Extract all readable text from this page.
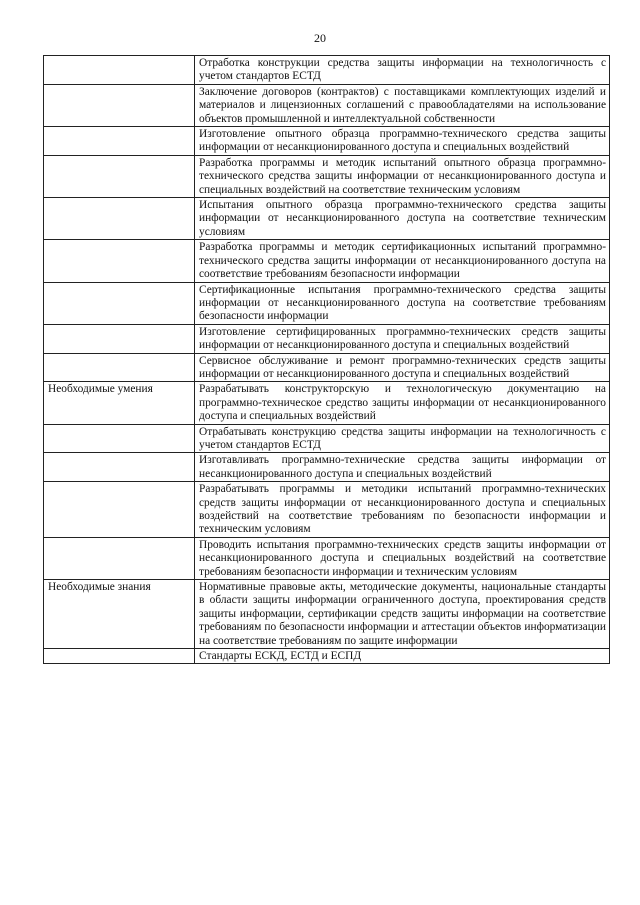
20
	Отработка конструкции средства защиты информации на технологичность с учетом стандартов ЕСТД
	Заключение договоров (контрактов) с поставщиками комплектующих изделий и материалов и лицензионных соглашений с правообладателями на использование объектов промышленной и интеллектуальной собственности
	Изготовление опытного образца программно-технического средства защиты информации от несанкционированного доступа и специальных воздействий
	Разработка программы и методик испытаний опытного образца программно-технического средства защиты информации от несанкционированного доступа и специальных воздействий на соответствие техническим условиям
	Испытания опытного образца программно-технического средства защиты информации от несанкционированного доступа на соответствие техническим условиям
	Разработка программы и методик сертификационных испытаний программно-технического средства защиты информации от несанкционированного доступа на соответствие требованиям безопасности информации
	Сертификационные испытания программно-технического средства защиты информации от несанкционированного доступа на соответствие требованиям безопасности информации
	Изготовление сертифицированных программно-технических средств защиты информации от несанкционированного доступа и специальных воздействий
	Сервисное обслуживание и ремонт программно-технических средств защиты информации от несанкционированного доступа и специальных воздействий
Необходимые умения	Разрабатывать конструкторскую и технологическую документацию на программно-техническое средство защиты информации от несанкционированного доступа и специальных воздействий
	Отрабатывать конструкцию средства защиты информации на технологичность с учетом стандартов ЕСТД
	Изготавливать программно-технические средства защиты информации от несанкционированного доступа и специальных воздействий
	Разрабатывать программы и методики испытаний программно-технических средств защиты информации от несанкционированного доступа и специальных воздействий на соответствие требованиям по безопасности информации и техническим условиям
	Проводить испытания программно-технических средств защиты информации от несанкционированного доступа и специальных воздействий на соответствие требованиям безопасности информации и техническим условиям
Необходимые знания	Нормативные правовые акты, методические документы, национальные стандарты в области защиты информации ограниченного доступа, проектирования средств защиты информации, сертификации средств защиты информации на соответствие требованиям по безопасности информации и аттестации объектов информатизации на соответствие требованиям по защите информации
	Стандарты ЕСКД, ЕСТД и ЕСПД
